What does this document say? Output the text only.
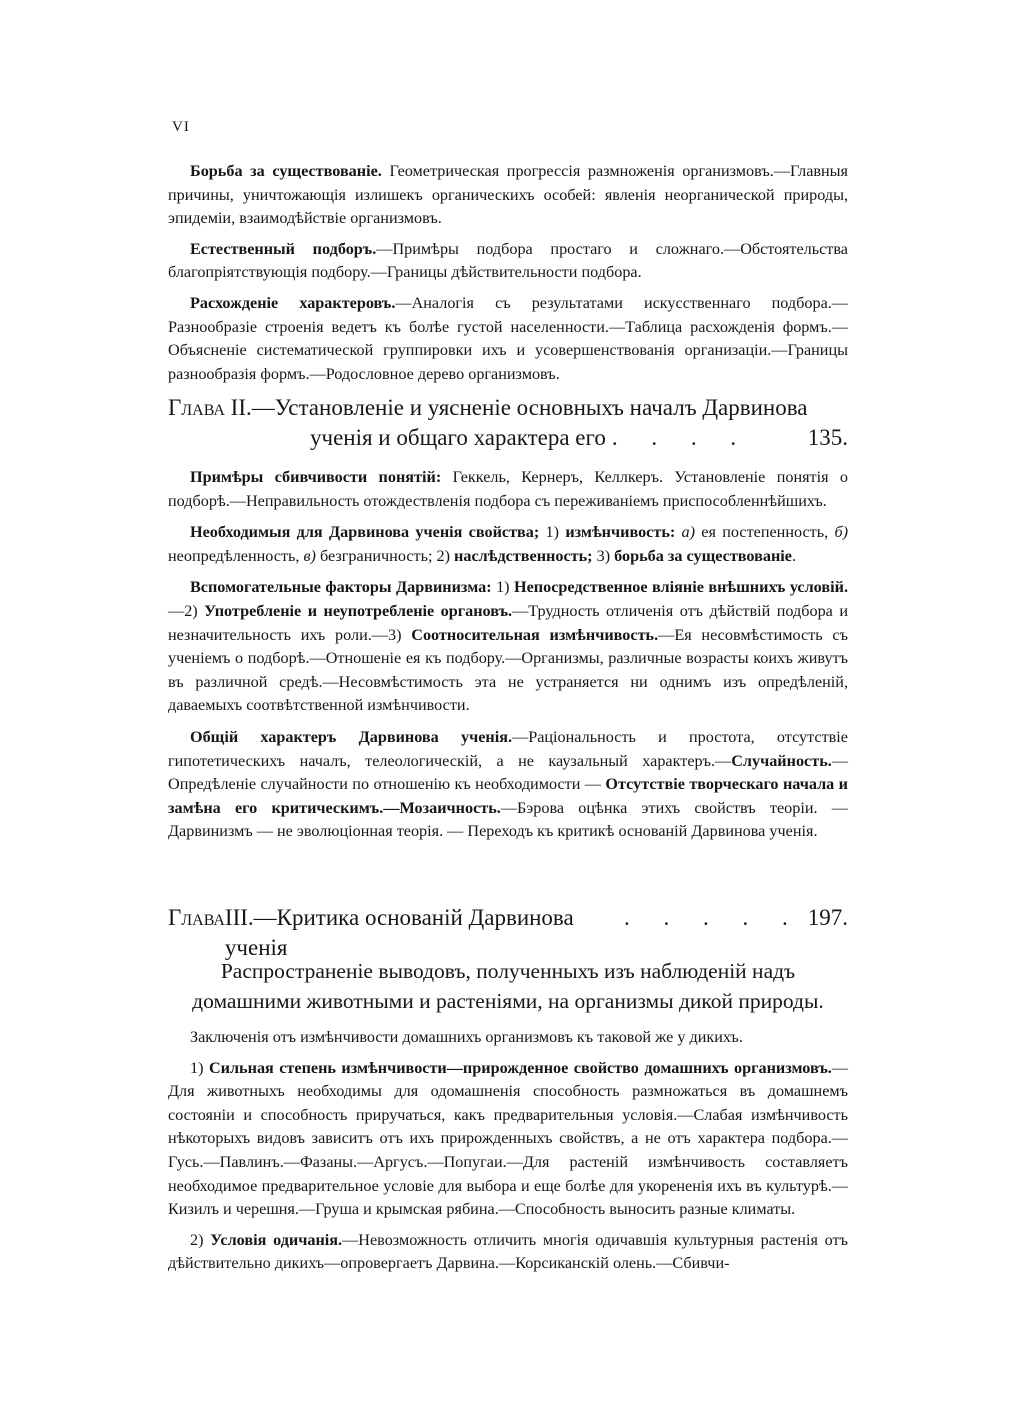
VI

Борьба за существованіе. Геометрическая прогрессія размноженія организмовъ.—Главныя причины, уничтожающія излишекъ органическихъ особей: явленія неорганической природы, эпидеміи, взаимодѣйствіе организмовъ.

Естественный подборъ.—Примѣры подбора простаго и сложнаго.—Обстоятельства благопріятствующія подбору.—Границы дѣйствительности подбора.

Расхожденіе характеровъ.—Аналогія съ результатами искусственнаго подбора.—Разнообразіе строенія ведетъ къ болѣе густой населенности.—Таблица расхожденія формъ.—Объясненіе систематической группировки ихъ и усовершенствованія организаціи.—Границы разнообразія формъ.—Родословное дерево организмовъ.

Глава II.—Установленіе и уясненіе основныхъ началъ Дарвинова
ученія и общаго характера его . . . .	135.

Примѣры сбивчивости понятій: Геккель, Кернеръ, Келлкеръ. Установленіе понятія о подборѣ.—Неправильность отождествленія подбора съ переживаніемъ приспособленнѣйшихъ.

Необходимыя для Дарвинова ученія свойства; 1) измѣнчивость: а) ея постепенность, б) неопредѣленность, в) безграничность; 2) наслѣдственность; 3) борьба за существованіе.

Вспомогательные факторы Дарвинизма: 1) Непосредственное вліяніе внѣшнихъ условій.—2) Употребленіе и неупотребленіе органовъ.—Трудность отличенія отъ дѣйствій подбора и незначительность ихъ роли.—3) Соотносительная измѣнчивость.—Ея несовмѣстимость съ ученіемъ о подборѣ.—Отношеніе ея къ подбору.—Организмы, различные возрасты коихъ живутъ въ различной средѣ.—Несовмѣстимость эта не устраняется ни однимъ изъ опредѣленій, даваемыхъ соотвѣтственной измѣнчивости.

Общій характеръ Дарвинова ученія.—Раціональность и простота, отсутствіе гипотетическихъ началъ, телеологическій, а не каузальный характеръ.—Случайность.—Опредѣленіе случайности по отношенію къ необходимости — Отсутствіе творческаго начала и замѣна его критическимъ.—Мозаичность.—Бэрова оцѣнка этихъ свойствъ теоріи. — Дарвинизмъ — не эволюціонная теорія. — Переходъ къ критикѣ основаній Дарвинова ученія.

Глава III.—Критика основаній Дарвинова ученія
. . . . . 197.
Распространеніе выводовъ, полученныхъ изъ наблюденій надъ домашними животными и растеніями, на организмы дикой природы.

Заключенія отъ измѣнчивости домашнихъ организмовъ къ таковой же у дикихъ.

1) Сильная степень измѣнчивости—прирожденное свойство домашнихъ организмовъ.—Для животныхъ необходимы для одомашненія способность размножаться въ домашнемъ состояніи и способность приручаться, какъ предварительныя условія.—Слабая измѣнчивость нѣкоторыхъ видовъ зависитъ отъ ихъ прирожденныхъ свойствъ, а не отъ характера подбора.—Гусь.—Павлинъ.—Фазаны.—Аргусъ.—Попугаи.—Для растеній измѣнчивость составляетъ необходимое предварительное условіе для выбора и еще болѣе для укорененія ихъ въ культурѣ.—Кизилъ и черешня.—Груша и крымская рябина.—Способность выносить разные климаты.

2) Условія одичанія.—Невозможность отличить многія одичавшія культурныя растенія отъ дѣйствительно дикихъ—опровергаетъ Дарвина.—Корсиканскій олень.—Сбивчи-
